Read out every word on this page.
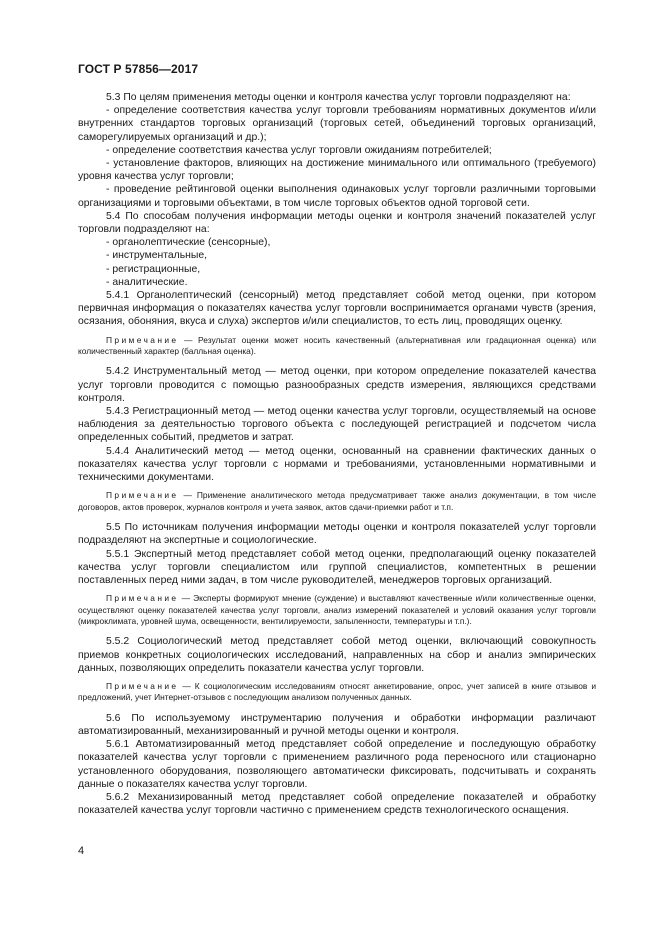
ГОСТ Р 57856—2017

5.3 По целям применения методы оценки и контроля качества услуг торговли подразделяют на:

- определение соответствия качества услуг торговли требованиям нормативных документов и/или внутренних стандартов торговых организаций (торговых сетей, объединений торговых организаций, саморегулируемых организаций и др.);

- определение соответствия качества услуг торговли ожиданиям потребителей;

- установление факторов, влияющих на достижение минимального или оптимального (требуемого) уровня качества услуг торговли;

- проведение рейтинговой оценки выполнения одинаковых услуг торговли различными торговыми организациями и торговыми объектами, в том числе торговых объектов одной торговой сети.

5.4 По способам получения информации методы оценки и контроля значений показателей услуг торговли подразделяют на:

- органолептические (сенсорные),

- инструментальные,

- регистрационные,

- аналитические.

5.4.1 Органолептический (сенсорный) метод представляет собой метод оценки, при котором первичная информация о показателях качества услуг торговли воспринимается органами чувств (зрения, осязания, обоняния, вкуса и слуха) экспертов и/или специалистов, то есть лиц, проводящих оценку.

Примечание — Результат оценки может носить качественный (альтернативная или градационная оценка) или количественный характер (балльная оценка).

5.4.2 Инструментальный метод — метод оценки, при котором определение показателей качества услуг торговли проводится с помощью разнообразных средств измерения, являющихся средствами контроля.

5.4.3 Регистрационный метод — метод оценки качества услуг торговли, осуществляемый на основе наблюдения за деятельностью торгового объекта с последующей регистрацией и подсчетом числа определенных событий, предметов и затрат.

5.4.4 Аналитический метод — метод оценки, основанный на сравнении фактических данных о показателях качества услуг торговли с нормами и требованиями, установленными нормативными и техническими документами.

Примечание — Применение аналитического метода предусматривает также анализ документации, в том числе договоров, актов проверок, журналов контроля и учета заявок, актов сдачи-приемки работ и т.п.

5.5 По источникам получения информации методы оценки и контроля показателей услуг торговли подразделяют на экспертные и социологические.

5.5.1 Экспертный метод представляет собой метод оценки, предполагающий оценку показателей качества услуг торговли специалистом или группой специалистов, компетентных в решении поставленных перед ними задач, в том числе руководителей, менеджеров торговых организаций.

Примечание — Эксперты формируют мнение (суждение) и выставляют качественные и/или количественные оценки, осуществляют оценку показателей качества услуг торговли, анализ измерений показателей и условий оказания услуг торговли (микроклимата, уровней шума, освещенности, вентилируемости, запыленности, температуры и т.п.).

5.5.2 Социологический метод представляет собой метод оценки, включающий совокупность приемов конкретных социологических исследований, направленных на сбор и анализ эмпирических данных, позволяющих определить показатели качества услуг торговли.

Примечание — К социологическим исследованиям относят анкетирование, опрос, учет записей в книге отзывов и предложений, учет Интернет-отзывов с последующим анализом полученных данных.

5.6 По используемому инструментарию получения и обработки информации различают автоматизированный, механизированный и ручной методы оценки и контроля.

5.6.1 Автоматизированный метод представляет собой определение и последующую обработку показателей качества услуг торговли с применением различного рода переносного или стационарно установленного оборудования, позволяющего автоматически фиксировать, подсчитывать и сохранять данные о показателях качества услуг торговли.

5.6.2 Механизированный метод представляет собой определение показателей и обработку показателей качества услуг торговли частично с применением средств технологического оснащения.

4
